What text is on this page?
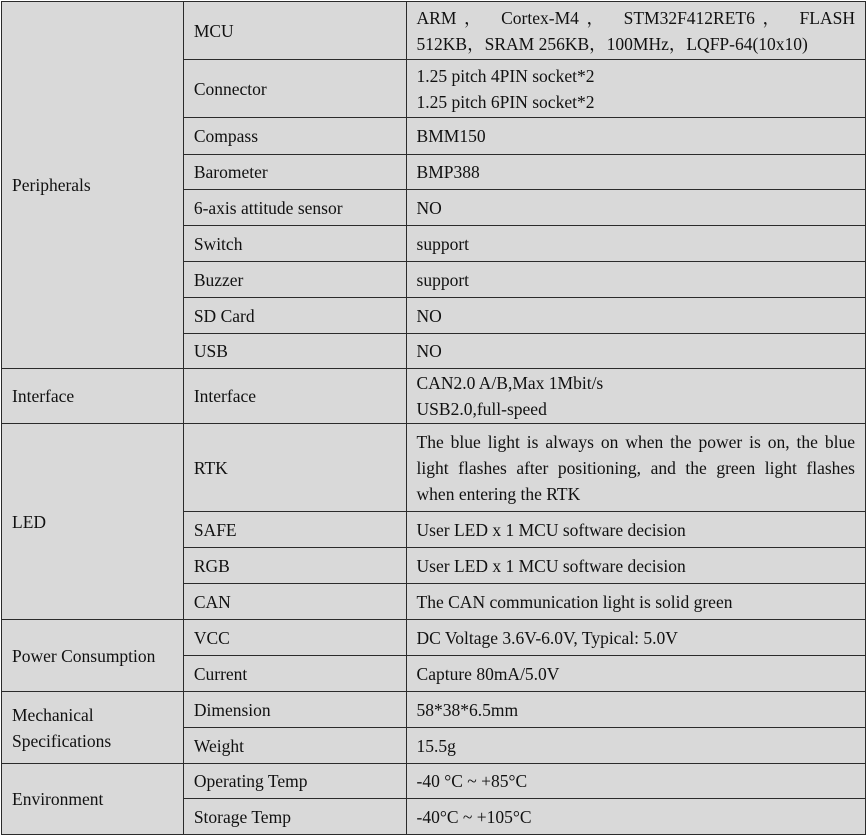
Peripherals	MCU	ARM， Cortex-M4， STM32F412RET6， FLASH
512KB，SRAM 256KB，100MHz，LQFP-64(10x10)

	Connector	1.25 pitch 4PIN socket*2
1.25 pitch 6PIN socket*2

	Compass	BMM150

	Barometer	BMP388

	6-axis attitude sensor	NO

	Switch	support

	Buzzer	support

	SD Card	NO

	USB	NO

Interface	Interface	CAN2.0 A/B,Max 1Mbit/s
USB2.0,full-speed

LED	RTK	The blue light is always on when the power is on, the blue light flashes after positioning, and the green light flashes when entering the RTK

	SAFE	User LED x 1 MCU software decision

	RGB	User LED x 1 MCU software decision

	CAN	The CAN communication light is solid green

Power Consumption	VCC	DC Voltage 3.6V-6.0V, Typical: 5.0V

	Current	Capture 80mA/5.0V

Mechanical Specifications	Dimension	58*38*6.5mm

	Weight	15.5g

Environment	Operating Temp	-40 °C ~ +85°C

	Storage Temp	-40°C ~ +105°C
